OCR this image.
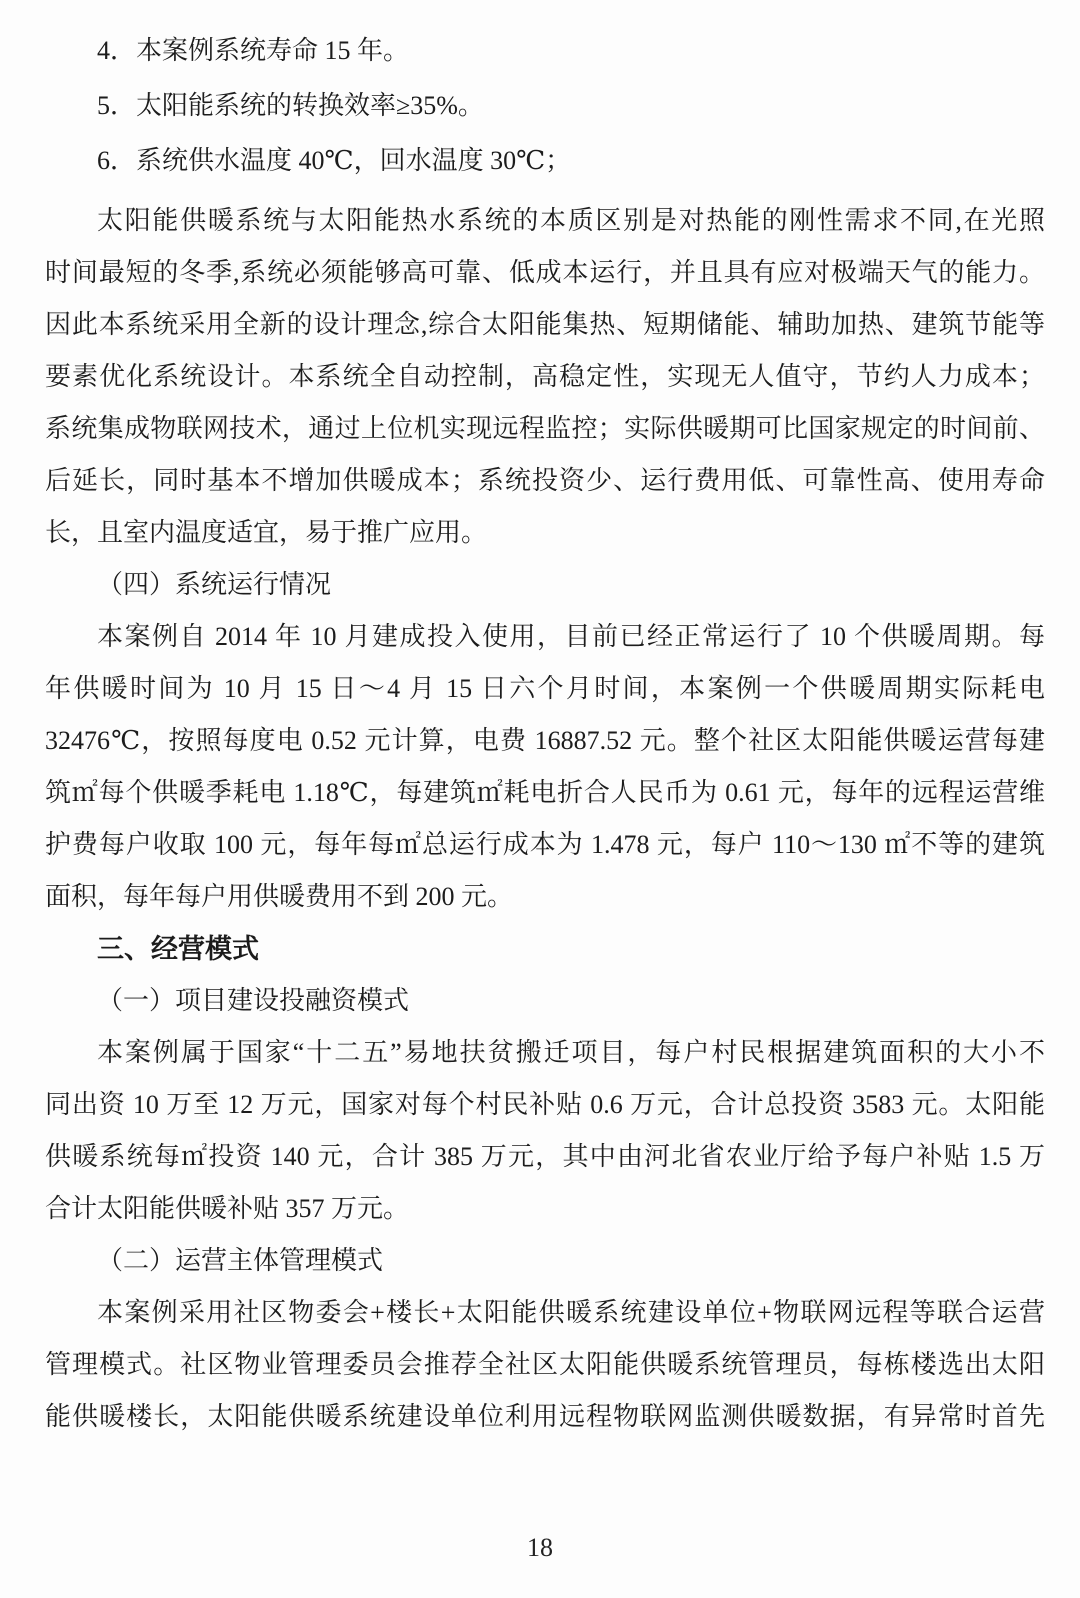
4．本案例系统寿命 15 年。
5．太阳能系统的转换效率≥35%。
6．系统供水温度 40℃，回水温度 30℃；
太阳能供暖系统与太阳能热水系统的本质区别是对热能的刚性需求不同,在光照
时间最短的冬季,系统必须能够高可靠、低成本运行，并且具有应对极端天气的能力。
因此本系统采用全新的设计理念,综合太阳能集热、短期储能、辅助加热、建筑节能等
要素优化系统设计。本系统全自动控制，高稳定性，实现无人值守，节约人力成本；
系统集成物联网技术，通过上位机实现远程监控；实际供暖期可比国家规定的时间前、
后延长，同时基本不增加供暖成本；系统投资少、运行费用低、可靠性高、使用寿命
长，且室内温度适宜，易于推广应用。
（四）系统运行情况
本案例自 2014 年 10 月建成投入使用，目前已经正常运行了 10 个供暖周期。每
年供暖时间为 10 月 15 日～4 月 15 日六个月时间，本案例一个供暖周期实际耗电
32476℃，按照每度电 0.52 元计算，电费 16887.52 元。整个社区太阳能供暖运营每建
筑㎡每个供暖季耗电 1.18℃，每建筑㎡耗电折合人民币为 0.61 元，每年的远程运营维
护费每户收取 100 元，每年每㎡总运行成本为 1.478 元，每户 110～130 ㎡不等的建筑
面积，每年每户用供暖费用不到 200 元。
三、经营模式
（一）项目建设投融资模式
本案例属于国家“十二五”易地扶贫搬迁项目，每户村民根据建筑面积的大小不
同出资 10 万至 12 万元，国家对每个村民补贴 0.6 万元，合计总投资 3583 元。太阳能
供暖系统每㎡投资 140 元，合计 385 万元，其中由河北省农业厅给予每户补贴 1.5 万
合计太阳能供暖补贴 357 万元。
（二）运营主体管理模式
本案例采用社区物委会+楼长+太阳能供暖系统建设单位+物联网远程等联合运营
管理模式。社区物业管理委员会推荐全社区太阳能供暖系统管理员，每栋楼选出太阳
能供暖楼长，太阳能供暖系统建设单位利用远程物联网监测供暖数据，有异常时首先
18
